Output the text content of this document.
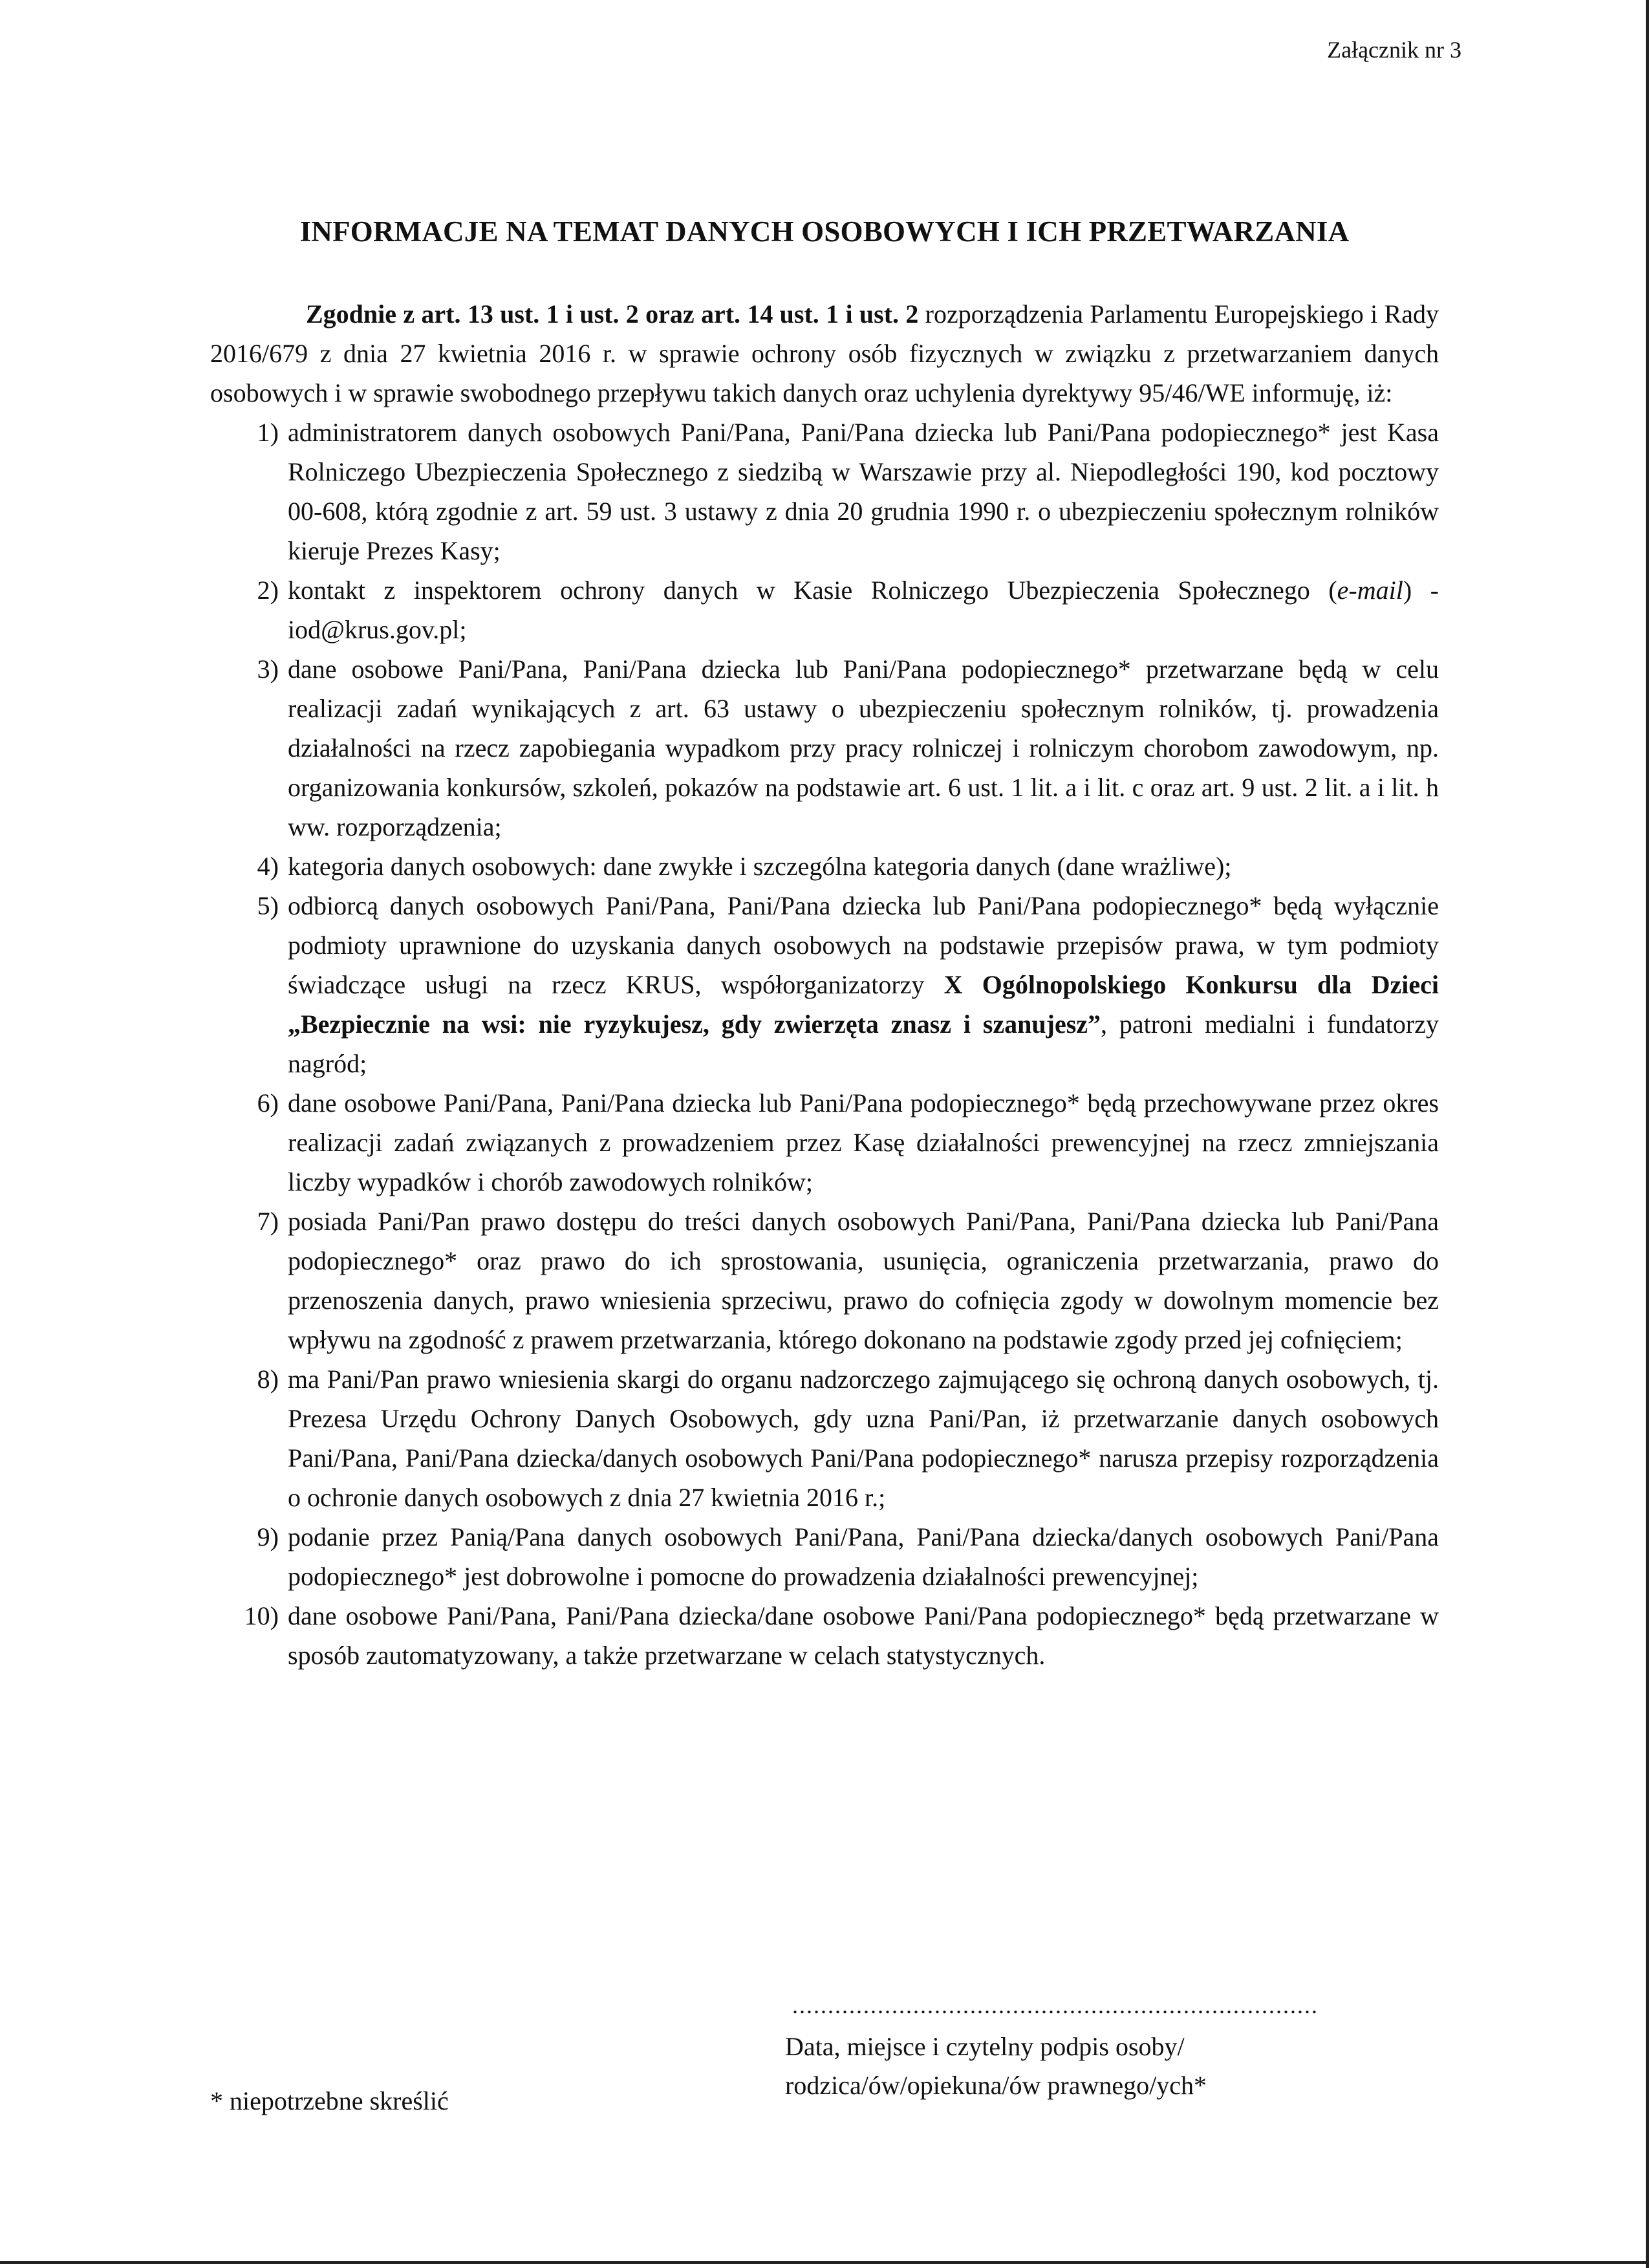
Załącznik nr 3
INFORMACJE NA TEMAT DANYCH OSOBOWYCH I ICH PRZETWARZANIA

Zgodnie z art. 13 ust. 1 i ust. 2 oraz art. 14 ust. 1 i ust. 2 rozporządzenia Parlamentu Europejskiego i Rady 2016/679 z dnia 27 kwietnia 2016 r. w sprawie ochrony osób fizycznych w związku z przetwarzaniem danych osobowych i w sprawie swobodnego przepływu takich danych oraz uchylenia dyrektywy 95/46/WE informuję, iż:

1) administratorem danych osobowych Pani/Pana, Pani/Pana dziecka lub Pani/Pana podopiecznego* jest Kasa Rolniczego Ubezpieczenia Społecznego z siedzibą w Warszawie przy al. Niepodległości 190, kod pocztowy 00-608, którą zgodnie z art. 59 ust. 3 ustawy z dnia 20 grudnia 1990 r. o ubezpieczeniu społecznym rolników kieruje Prezes Kasy;
2) kontakt z inspektorem ochrony danych w Kasie Rolniczego Ubezpieczenia Społecznego (e-mail) - iod@krus.gov.pl;
3) dane osobowe Pani/Pana, Pani/Pana dziecka lub Pani/Pana podopiecznego* przetwarzane będą w celu realizacji zadań wynikających z art. 63 ustawy o ubezpieczeniu społecznym rolników, tj. prowadzenia działalności na rzecz zapobiegania wypadkom przy pracy rolniczej i rolniczym chorobom zawodowym, np. organizowania konkursów, szkoleń, pokazów na podstawie art. 6 ust. 1 lit. a i lit. c oraz art. 9 ust. 2 lit. a i lit. h ww. rozporządzenia;
4) kategoria danych osobowych: dane zwykłe i szczególna kategoria danych (dane wrażliwe);
5) odbiorcą danych osobowych Pani/Pana, Pani/Pana dziecka lub Pani/Pana podopiecznego* będą wyłącznie podmioty uprawnione do uzyskania danych osobowych na podstawie przepisów prawa, w tym podmioty świadczące usługi na rzecz KRUS, współorganizatorzy X Ogólnopolskiego Konkursu dla Dzieci „Bezpiecznie na wsi: nie ryzykujesz, gdy zwierzęta znasz i szanujesz”, patroni medialni i fundatorzy nagród;
6) dane osobowe Pani/Pana, Pani/Pana dziecka lub Pani/Pana podopiecznego* będą przechowywane przez okres realizacji zadań związanych z prowadzeniem przez Kasę działalności prewencyjnej na rzecz zmniejszania liczby wypadków i chorób zawodowych rolników;
7) posiada Pani/Pan prawo dostępu do treści danych osobowych Pani/Pana, Pani/Pana dziecka lub Pani/Pana podopiecznego* oraz prawo do ich sprostowania, usunięcia, ograniczenia przetwarzania, prawo do przenoszenia danych, prawo wniesienia sprzeciwu, prawo do cofnięcia zgody w dowolnym momencie bez wpływu na zgodność z prawem przetwarzania, którego dokonano na podstawie zgody przed jej cofnięciem;
8) ma Pani/Pan prawo wniesienia skargi do organu nadzorczego zajmującego się ochroną danych osobowych, tj. Prezesa Urzędu Ochrony Danych Osobowych, gdy uzna Pani/Pan, iż przetwarzanie danych osobowych Pani/Pana, Pani/Pana dziecka/danych osobowych Pani/Pana podopiecznego* narusza przepisy rozporządzenia o ochronie danych osobowych z dnia 27 kwietnia 2016 r.;
9) podanie przez Panią/Pana danych osobowych Pani/Pana, Pani/Pana dziecka/danych osobowych Pani/Pana podopiecznego* jest dobrowolne i pomocne do prowadzenia działalności prewencyjnej;
10) dane osobowe Pani/Pana, Pani/Pana dziecka/dane osobowe Pani/Pana podopiecznego* będą przetwarzane w sposób zautomatyzowany, a także przetwarzane w celach statystycznych.
..........................................................................
Data, miejsce i czytelny podpis osoby/
rodzica/ów/opiekuna/ów prawnego/ych*
* niepotrzebne skreślić
